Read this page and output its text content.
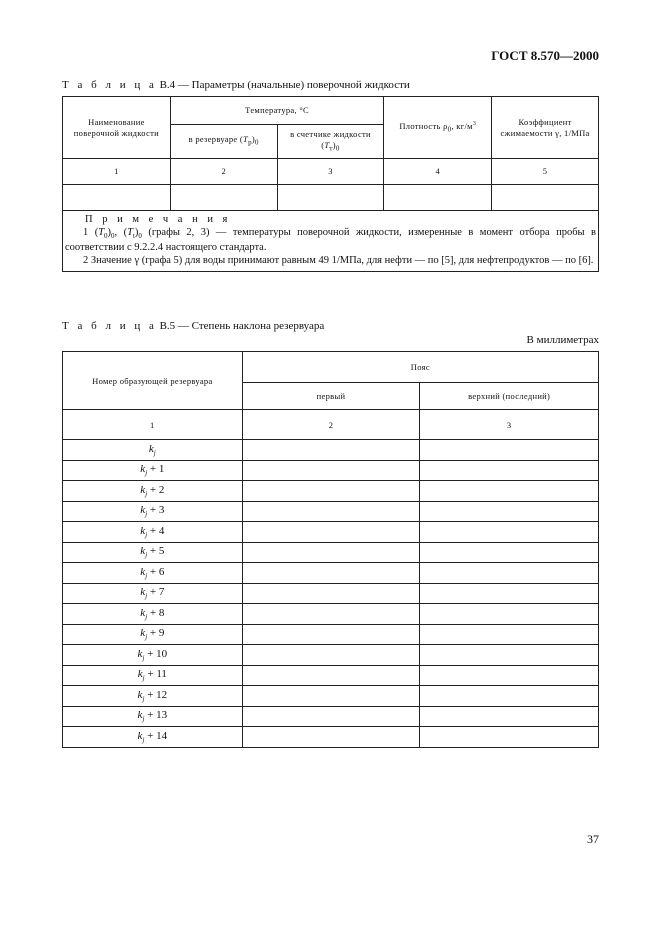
ГОСТ 8.570—2000
Т а б л и ц а В.4 — Параметры (начальные) поверочной жидкости
Наименование поверочной жидкости	Температура, °C		Плотность $\rho_0$, $кг/м^3$	Коэффициент
сжимаемости γ, 1/МПа
	в резервуаре $(T_р)_0$	в счетчике жидкости
$(T_т)_0$
1	2	3	4	5

П р и м е ч а н и я
1 $(T_0)_0$, $(T_t)_0$ (графы 2, 3) — температуры поверочной жидкости, измеренные в момент отбора пробы в соответствии с 9.2.2.4 настоящего стандарта.
2 Значение γ (графа 5) для воды принимают равным 49 1/МПа, для нефти — по [5], для нефтепродуктов — по [6].				
Т а б л и ц а В.5 — Степень наклона резервуара
В миллиметрах
Номер образующей резервуара	Пояс	
	первый	верхний (последний)
1	2	3
$k_j$		
$k_j + 1$		
$k_j + 2$		
$k_j + 3$		
$k_j + 4$		
$k_j + 5$		
$k_j + 6$		
$k_j + 7$		
$k_j + 8$		
$k_j + 9$		
$k_j + 10$		
$k_j + 11$		
$k_j + 12$		
$k_j + 13$		
$k_j + 14$		
37
